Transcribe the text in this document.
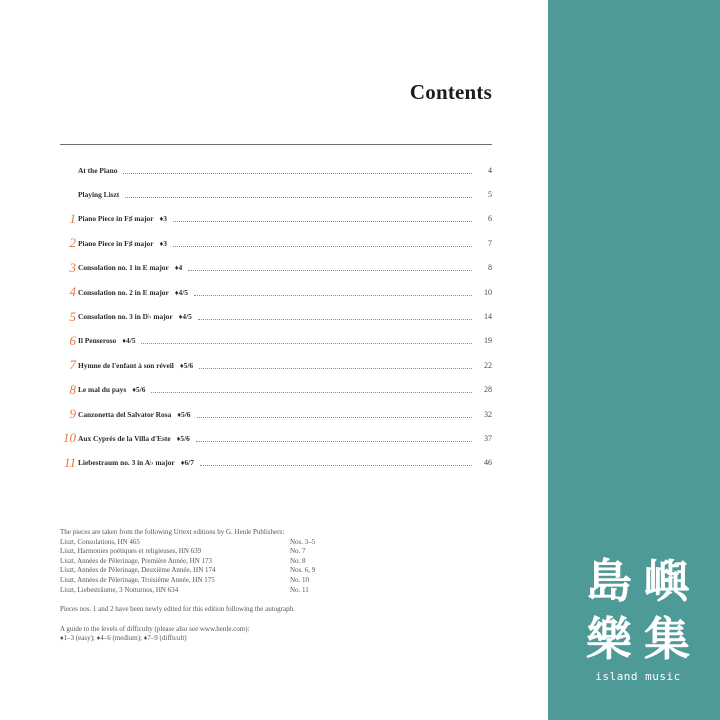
Contents
At the Piano	4
Playing Liszt	5
1 Piano Piece in F♯ major ♦3	6
2 Piano Piece in F♯ major ♦3	7
3 Consolation no. 1 in E major ♦4	8
4 Consolation no. 2 in E major ♦4/5	10
5 Consolation no. 3 in D♭ major ♦4/5	14
6 Il Penseroso ♦4/5	19
7 Hymne de l'enfant à son réveil ♦5/6	22
8 Le mal du pays ♦5/6	28
9 Canzonetta del Salvator Rosa ♦5/6	32
10 Aux Cyprès de la Villa d'Este ♦5/6	37
11 Liebestraum no. 3 in A♭ major ♦6/7	46

The pieces are taken from the following Urtext editions by G. Henle Publishers:

Liszt, Consolations, HN 465	Nos. 3–5
Liszt, Harmonies poétiques et religieuses, HN 639	No. 7
Liszt, Années de Pèlerinage, Première Année, HN 173	No. 8
Liszt, Années de Pèlerinage, Deuxième Année, HN 174	Nos. 6, 9
Liszt, Années de Pèlerinage, Troisième Année, HN 175	No. 10
Liszt, Liebesträume, 3 Notturnos, HN 634	No. 11

Pieces nos. 1 and 2 have been newly edited for this edition following the autograph.

A guide to the levels of difficulty (please also see www.henle.com):

♦1–3 (easy); ♦4–6 (medium); ♦7–9 (difficult)

島 嶼
樂 集
island music
